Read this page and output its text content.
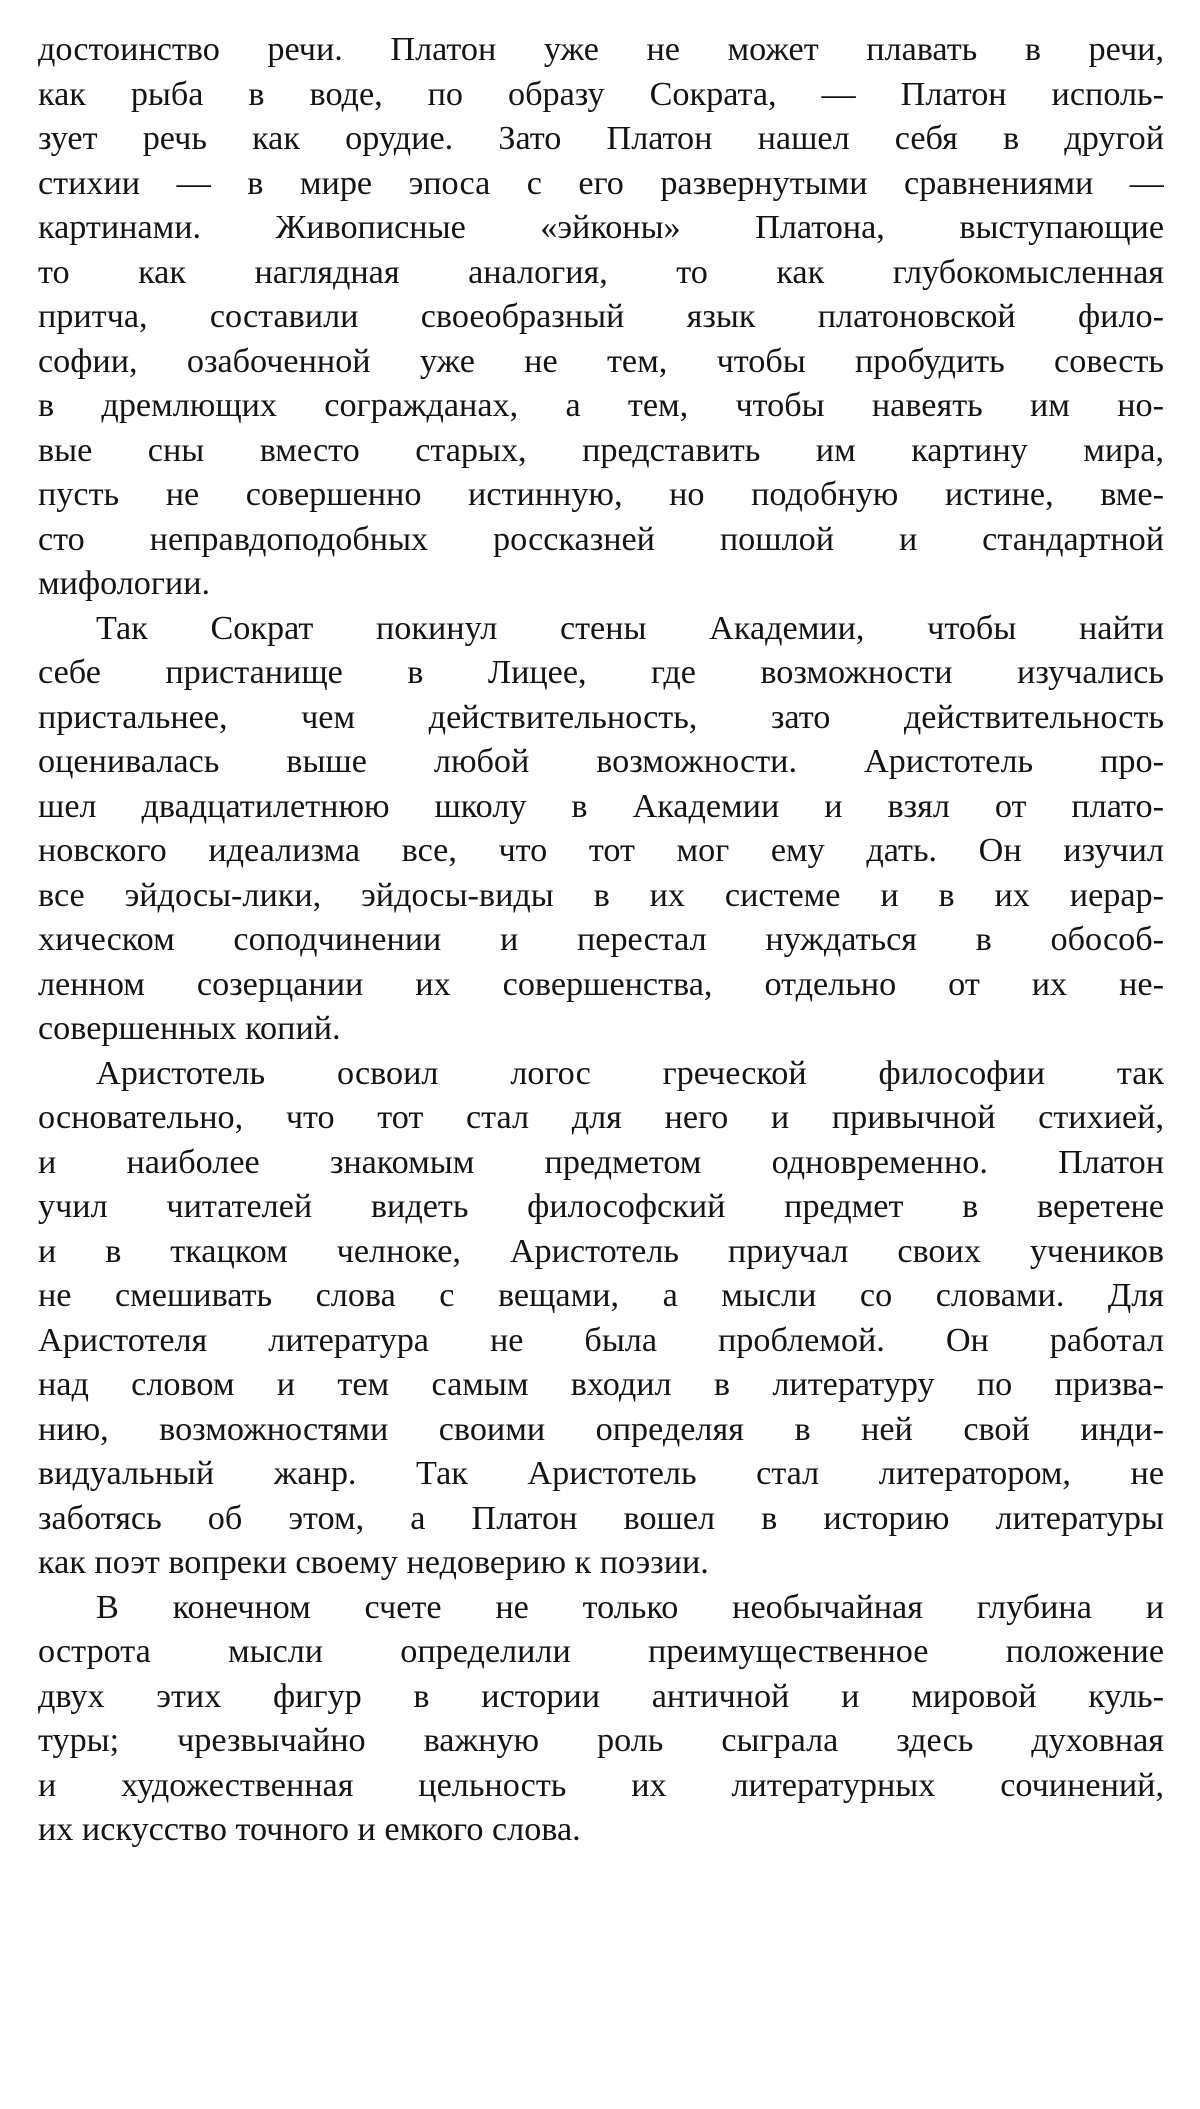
достоинство речи. Платон уже не может плавать в речи,
как рыба в воде, по образу Сократа, — Платон исполь-
зует речь как орудие. Зато Платон нашел себя в другой
стихии — в мире эпоса с его развернутыми сравнениями —
картинами. Живописные «эйконы» Платона, выступающие
то как наглядная аналогия, то как глубокомысленная
притча, составили своеобразный язык платоновской фило-
софии, озабоченной уже не тем, чтобы пробудить совесть
в дремлющих согражданах, а тем, чтобы навеять им но-
вые сны вместо старых, представить им картину мира,
пусть не совершенно истинную, но подобную истине, вме-
сто неправдоподобных россказней пошлой и стандартной
мифологии.
Так Сократ покинул стены Академии, чтобы найти
себе пристанище в Лицее, где возможности изучались
пристальнее, чем действительность, зато действительность
оценивалась выше любой возможности. Аристотель про-
шел двадцатилетнюю школу в Академии и взял от плато-
новского идеализма все, что тот мог ему дать. Он изучил
все эйдосы-лики, эйдосы-виды в их системе и в их иерар-
хическом соподчинении и перестал нуждаться в обособ-
ленном созерцании их совершенства, отдельно от их не-
совершенных копий.
Аристотель освоил логос греческой философии так
основательно, что тот стал для него и привычной стихией,
и наиболее знакомым предметом одновременно. Платон
учил читателей видеть философский предмет в веретене
и в ткацком челноке, Аристотель приучал своих учеников
не смешивать слова с вещами, а мысли со словами. Для
Аристотеля литература не была проблемой. Он работал
над словом и тем самым входил в литературу по призва-
нию, возможностями своими определяя в ней свой инди-
видуальный жанр. Так Аристотель стал литератором, не
заботясь об этом, а Платон вошел в историю литературы
как поэт вопреки своему недоверию к поэзии.
В конечном счете не только необычайная глубина и
острота мысли определили преимущественное положение
двух этих фигур в истории античной и мировой куль-
туры; чрезвычайно важную роль сыграла здесь духовная
и художественная цельность их литературных сочинений,
их искусство точного и емкого слова.
